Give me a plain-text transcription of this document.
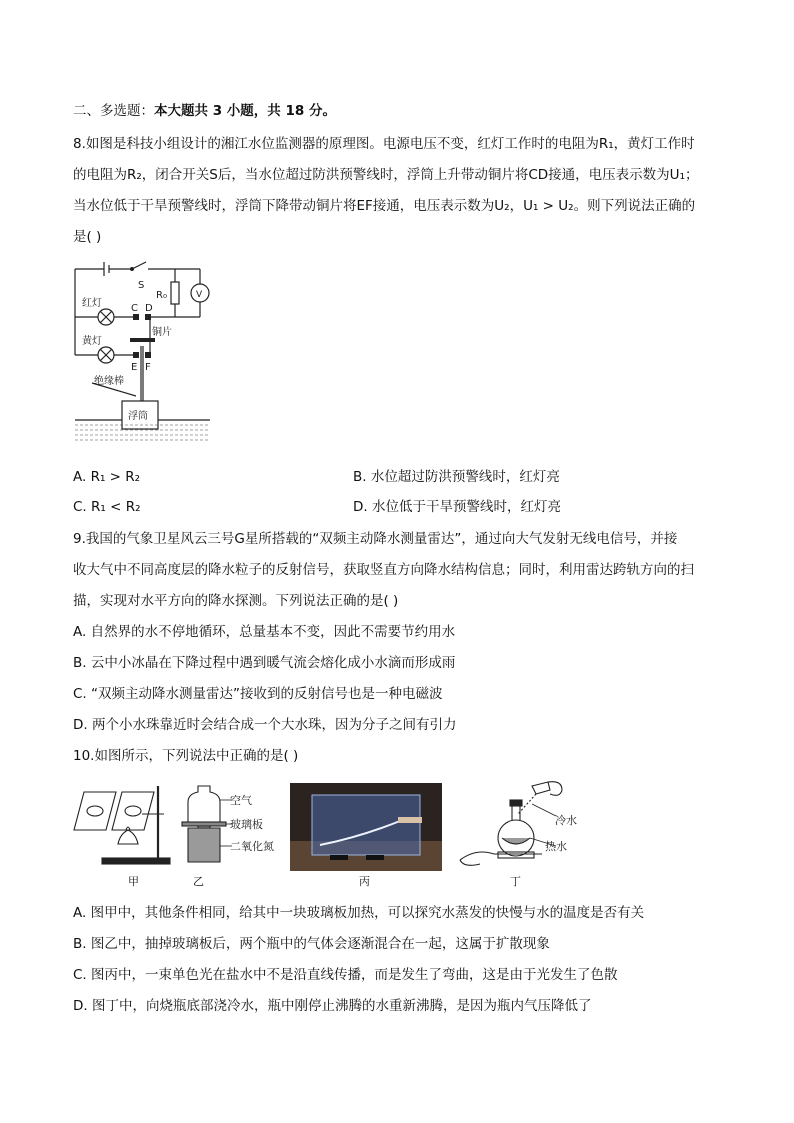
二、多选题：本大题共 3 小题，共 18 分。
8.如图是科技小组设计的湘江水位监测器的原理图。电源电压不变，红灯工作时的电阻为R₁，黄灯工作时
的电阻为R₂，闭合开关S后，当水位超过防洪预警线时，浮筒上升带动铜片将CD接通，电压表示数为U₁；
当水位低于干旱预警线时，浮筒下降带动铜片将EF接通，电压表示数为U₂，U₁ > U₂。则下列说法正确的
是( )
S
R₀	V
红灯	C D
铜片
黄灯
E F
绝缘棒
浮筒
A. R₁ > R₂	B. 水位超过防洪预警线时，红灯亮
C. R₁ < R₂	D. 水位低于干旱预警线时，红灯亮
9.我国的气象卫星风云三号G星所搭载的“双频主动降水测量雷达”，通过向大气发射无线电信号，并接
收大气中不同高度层的降水粒子的反射信号，获取竖直方向降水结构信息；同时，利用雷达跨轨方向的扫
描，实现对水平方向的降水探测。下列说法正确的是( )
A. 自然界的水不停地循环，总量基本不变，因此不需要节约用水
B. 云中小冰晶在下降过程中遇到暖气流会熔化成小水滴而形成雨
C. “双频主动降水测量雷达”接收到的反射信号也是一种电磁波
D. 两个小水珠靠近时会结合成一个大水珠，因为分子之间有引力
10.如图所示，下列说法中正确的是( )
甲
空气
玻璃板
二氧化氮
乙	丙
冷水
热水
丁
A. 图甲中，其他条件相同，给其中一块玻璃板加热，可以探究水蒸发的快慢与水的温度是否有关
B. 图乙中，抽掉玻璃板后，两个瓶中的气体会逐渐混合在一起，这属于扩散现象
C. 图丙中，一束单色光在盐水中不是沿直线传播，而是发生了弯曲，这是由于光发生了色散
D. 图丁中，向烧瓶底部浇冷水，瓶中刚停止沸腾的水重新沸腾，是因为瓶内气压降低了
